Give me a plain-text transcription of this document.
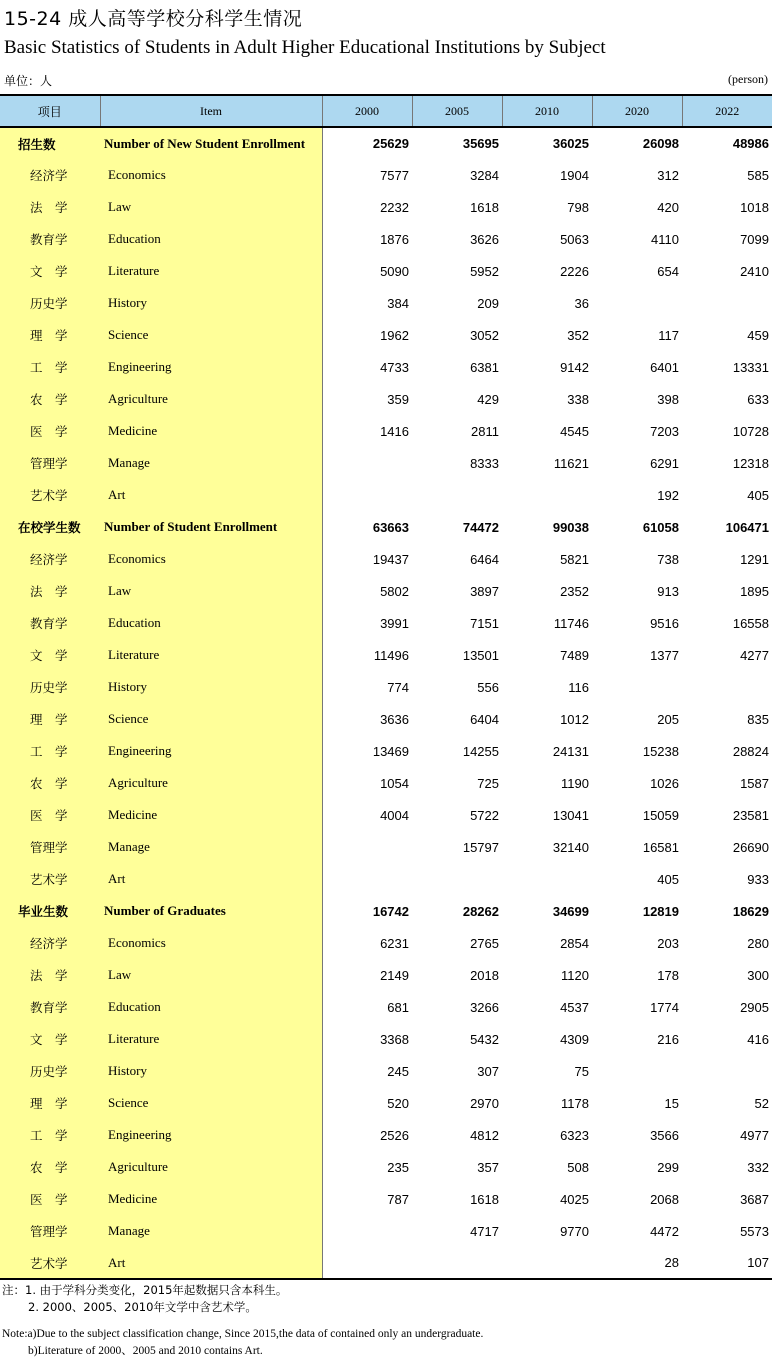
15-24 成人高等学校分科学生情况
Basic Statistics of Students in Adult Higher Educational Institutions by Subject
单位：人	(person)
项目	Item	2000	2005	2010	2020	2022
招生数	Number of New Student Enrollment	25629	35695	36025	26098	48986
经济学	Economics	7577	3284	1904	312	585
法　学	Law	2232	1618	798	420	1018
教育学	Education	1876	3626	5063	4110	7099
文　学	Literature	5090	5952	2226	654	2410
历史学	History	384	209	36		
理　学	Science	1962	3052	352	117	459
工　学	Engineering	4733	6381	9142	6401	13331
农　学	Agriculture	359	429	338	398	633
医　学	Medicine	1416	2811	4545	7203	10728
管理学	Manage		8333	11621	6291	12318
艺术学	Art				192	405
在校学生数	Number of Student Enrollment	63663	74472	99038	61058	106471
经济学	Economics	19437	6464	5821	738	1291
法　学	Law	5802	3897	2352	913	1895
教育学	Education	3991	7151	11746	9516	16558
文　学	Literature	11496	13501	7489	1377	4277
历史学	History	774	556	116		
理　学	Science	3636	6404	1012	205	835
工　学	Engineering	13469	14255	24131	15238	28824
农　学	Agriculture	1054	725	1190	1026	1587
医　学	Medicine	4004	5722	13041	15059	23581
管理学	Manage		15797	32140	16581	26690
艺术学	Art				405	933
毕业生数	Number of Graduates	16742	28262	34699	12819	18629
经济学	Economics	6231	2765	2854	203	280
法　学	Law	2149	2018	1120	178	300
教育学	Education	681	3266	4537	1774	2905
文　学	Literature	3368	5432	4309	216	416
历史学	History	245	307	75		
理　学	Science	520	2970	1178	15	52
工　学	Engineering	2526	4812	6323	3566	4977
农　学	Agriculture	235	357	508	299	332
医　学	Medicine	787	1618	4025	2068	3687
管理学	Manage		4717	9770	4472	5573
艺术学	Art				28	107
注：1. 由于学科分类变化，2015年起数据只含本科生。
2. 2000、2005、2010年文学中含艺术学。
Note:a)Due to the subject classification change, Since 2015,the data of contained only an undergraduate.
b)Literature of 2000、2005 and 2010 contains Art.
